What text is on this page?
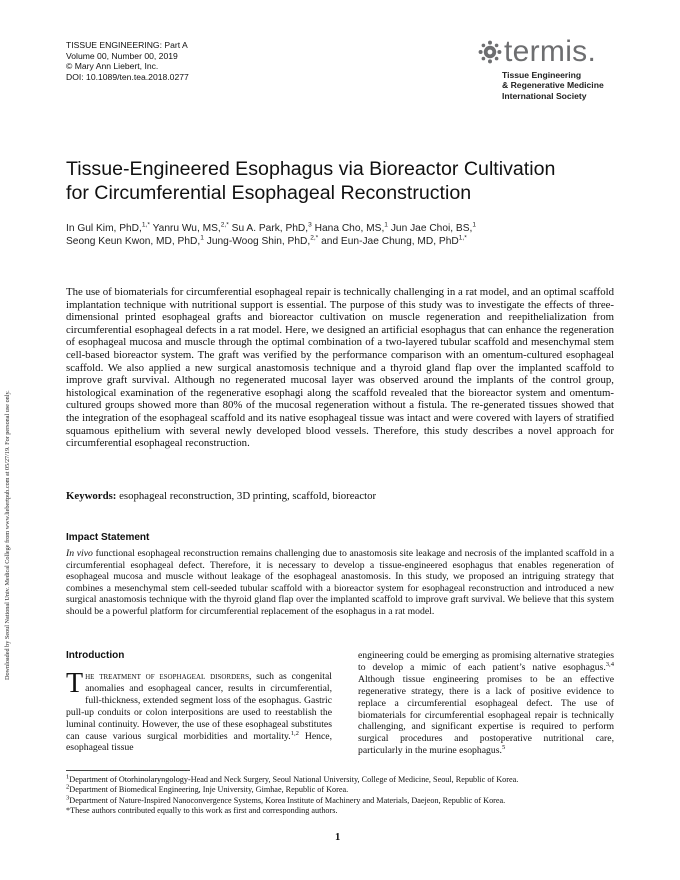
TISSUE ENGINEERING: Part A
Volume 00, Number 00, 2019
© Mary Ann Liebert, Inc.
DOI: 10.1089/ten.tea.2018.0277
termis.
Tissue Engineering
& Regenerative Medicine
International Society
Downloaded by Seoul National Univ. Medical College from www.liebertpub.com at 05/27/19. For personal use only.
Tissue-Engineered Esophagus via Bioreactor Cultivation
for Circumferential Esophageal Reconstruction
In Gul Kim, PhD,$^{1,*}$ Yanru Wu, MS,$^{2,*}$ Su A. Park, PhD,$^3$ Hana Cho, MS,$^1$ Jun Jae Choi, BS,$^1$
Seong Keun Kwon, MD, PhD,$^1$ Jung-Woog Shin, PhD,$^{2,*}$ and Eun-Jae Chung, MD, PhD$^{1,*}$
The use of biomaterials for circumferential esophageal repair is technically challenging in a rat model, and an optimal scaffold implantation technique with nutritional support is essential. The purpose of this study was to investigate the effects of three-dimensional printed esophageal grafts and bioreactor cultivation on muscle regeneration and reepithelialization from circumferential esophageal defects in a rat model. Here, we designed an artificial esophagus that can enhance the regeneration of esophageal mucosa and muscle through the optimal combination of a two-layered tubular scaffold and mesenchymal stem cell-based bioreactor system. The graft was verified by the performance comparison with an omentum-cultured esophageal scaffold. We also applied a new surgical anastomosis technique and a thyroid gland flap over the implanted scaffold to improve graft survival. Although no regenerated mucosal layer was observed around the implants of the control group, histological examination of the regenerative esophagi along the scaffold revealed that the bioreactor system and omentum-cultured groups showed more than 80% of the mucosal regeneration without a fistula. The re-generated tissues showed that the integration of the esophageal scaffold and its native esophageal tissue was intact and were covered with layers of stratified squamous epithelium with several newly developed blood vessels. Therefore, this study describes a novel approach for circumferential esophageal reconstruction.
Keywords: esophageal reconstruction, 3D printing, scaffold, bioreactor
Impact Statement
In vivo functional esophageal reconstruction remains challenging due to anastomosis site leakage and necrosis of the implanted scaffold in a circumferential esophageal defect. Therefore, it is necessary to develop a tissue-engineered esophagus that enables regeneration of esophageal mucosa and muscle without leakage of the esophageal anastomosis. In this study, we proposed an intriguing strategy that combines a mesenchymal stem cell-seeded tubular scaffold with a bioreactor system for esophageal reconstruction and introduced a new surgical anastomosis technique with the thyroid gland flap over the implanted scaffold to improve graft survival. We believe that this system should be a powerful platform for circumferential replacement of the esophagus in a rat model.
Introduction
The treatment of esophageal disorders, such as congenital anomalies and esophageal cancer, results in circumferential, full-thickness, extended segment loss of the esophagus. Gastric pull-up conduits or colon interpositions are used to reestablish the luminal continuity. However, the use of these esophageal substitutes can cause various surgical morbidities and mortality.$^{1,2}$ Hence, esophageal tissue
engineering could be emerging as promising alternative strategies to develop a mimic of each patient’s native esophagus.$^{3,4}$ Although tissue engineering promises to be an effective regenerative strategy, there is a lack of positive evidence to replace a circumferential esophageal defect. The use of biomaterials for circumferential esophageal repair is technically challenging, and significant expertise is required to perform surgical procedures and postoperative nutritional care, particularly in the murine esophagus.$^5$
$^1$Department of Otorhinolaryngology-Head and Neck Surgery, Seoul National University, College of Medicine, Seoul, Republic of Korea.
$^2$Department of Biomedical Engineering, Inje University, Gimhae, Republic of Korea.
$^3$Department of Nature-Inspired Nanoconvergence Systems, Korea Institute of Machinery and Materials, Daejeon, Republic of Korea.
*These authors contributed equally to this work as first and corresponding authors.
1
